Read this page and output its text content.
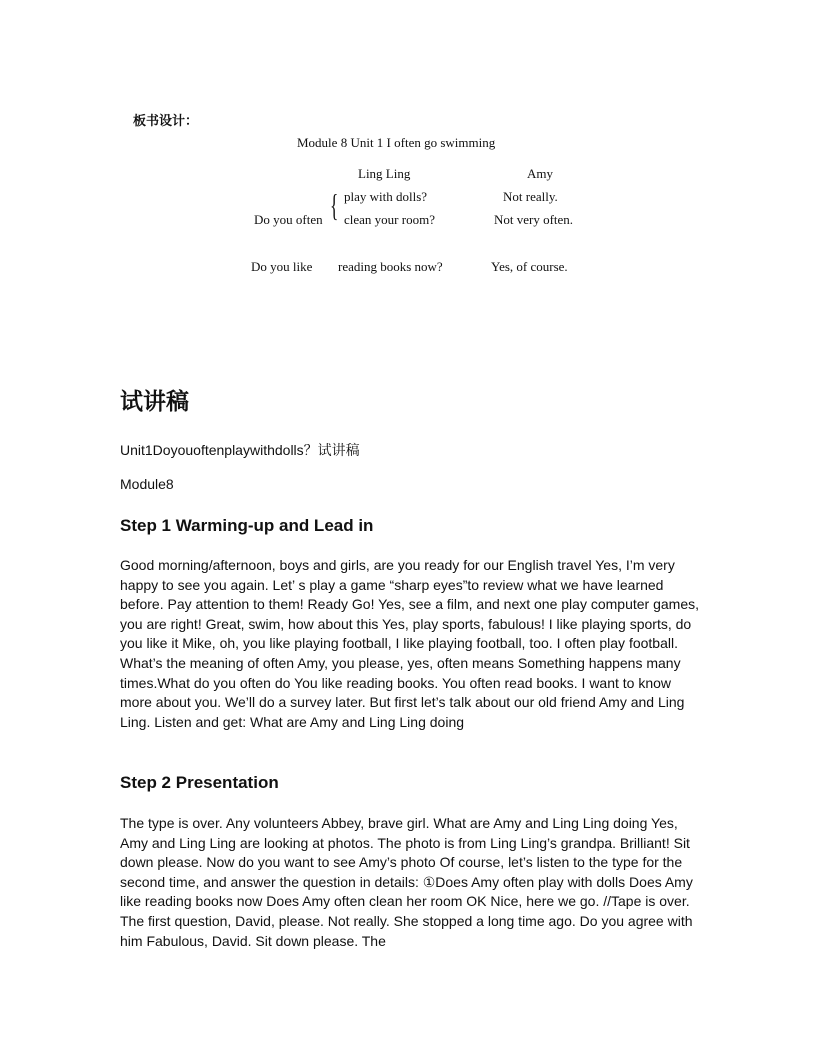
板书设计：
Module 8 Unit 1 I often go swimming
Ling Ling	Amy
{ play with dolls?	Not really.
Do you often clean your room?	Not very often.
Do you like reading books now?	Yes, of course.
试讲稿
Unit1Doyouoftenplaywithdolls？试讲稿
Module8
Step 1 Warming-up and Lead in

Good morning/afternoon, boys and girls, are you ready for our English travel Yes, I’m very happy to see you again. Let’ s play a game “sharp eyes”to review what we have learned before. Pay attention to them! Ready Go! Yes, see a film, and next one play computer games, you are right! Great, swim, how about this Yes, play sports, fabulous! I like playing sports, do you like it Mike, oh, you like playing football, I like playing football, too. I often play football. What’s the meaning of often Amy, you please, yes, often means Something happens many times.What do you often do You like reading books. You often read books. I want to know more about you. We’ll do a survey later. But first let’s talk about our old friend Amy and Ling Ling. Listen and get: What are Amy and Ling Ling doing

Step 2 Presentation

The type is over. Any volunteers Abbey, brave girl. What are Amy and Ling Ling doing Yes, Amy and Ling Ling are looking at photos. The photo is from Ling Ling’s grandpa. Brilliant! Sit down please. Now do you want to see Amy’s photo Of course, let’s listen to the type for the second time, and answer the question in details: ①Does Amy often play with dolls Does Amy like reading books now Does Amy often clean her room OK Nice, here we go. //Tape is over. The first question, David, please. Not really. She stopped a long time ago. Do you agree with him Fabulous, David. Sit down please. The
